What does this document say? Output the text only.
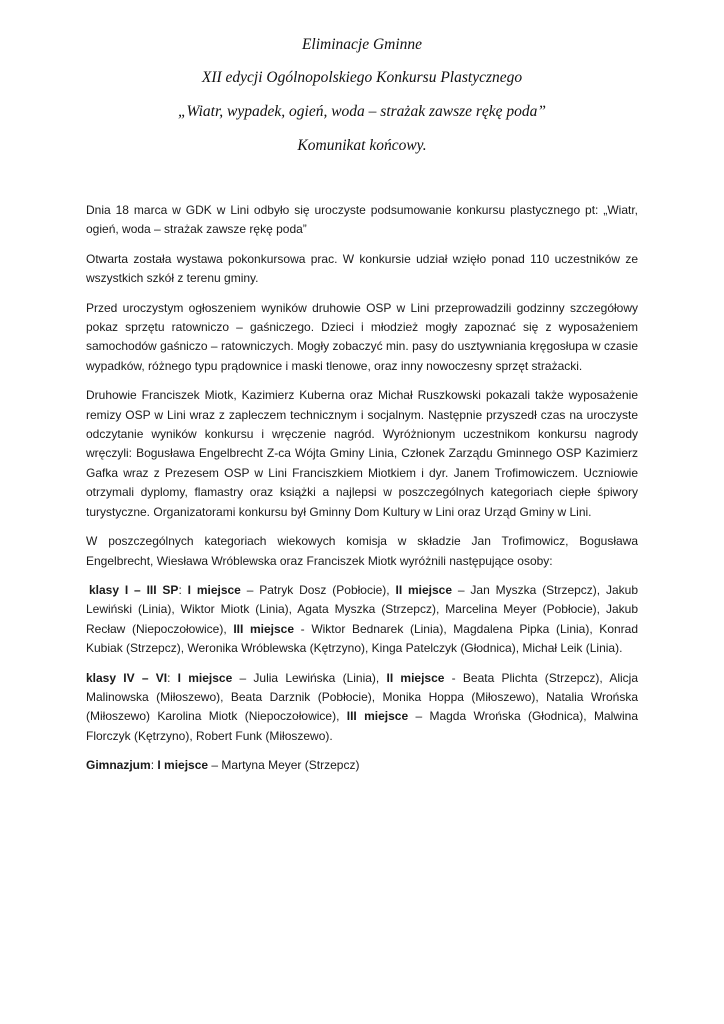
Eliminacje Gminne
XII edycji Ogólnopolskiego Konkursu Plastycznego
„Wiatr, wypadek, ogień, woda – strażak zawsze rękę poda”
Komunikat końcowy.

Dnia 18 marca w GDK w Lini odbyło się uroczyste podsumowanie konkursu plastycznego pt: „Wiatr, ogień, woda – strażak zawsze rękę poda”

Otwarta została wystawa pokonkursowa prac. W konkursie udział wzięło ponad 110 uczestników ze wszystkich szkół z terenu gminy.

Przed uroczystym ogłoszeniem wyników druhowie OSP w Lini przeprowadzili godzinny szczegółowy pokaz sprzętu ratowniczo – gaśniczego. Dzieci i młodzież mogły zapoznać się z wyposażeniem samochodów gaśniczo – ratowniczych. Mogły zobaczyć min. pasy do usztywniania kręgosłupa w czasie wypadków, różnego typu prądownice i maski tlenowe, oraz inny nowoczesny sprzęt strażacki.

Druhowie Franciszek Miotk, Kazimierz Kuberna oraz Michał Ruszkowski pokazali także wyposażenie remizy OSP w Lini wraz z zapleczem technicznym i socjalnym. Następnie przyszedł czas na uroczyste odczytanie wyników konkursu i wręczenie nagród. Wyróżnionym uczestnikom konkursu nagrody wręczyli: Bogusława Engelbrecht Z-ca Wójta Gminy Linia, Członek Zarządu Gminnego OSP Kazimierz Gafka wraz z Prezesem OSP w Lini Franciszkiem Miotkiem i dyr. Janem Trofimowiczem. Uczniowie otrzymali dyplomy, flamastry oraz książki a najlepsi w poszczególnych kategoriach ciepłe śpiwory turystyczne. Organizatorami konkursu był Gminny Dom Kultury w Lini oraz Urząd Gminy w Lini.

W poszczególnych kategoriach wiekowych komisja w składzie Jan Trofimowicz, Bogusława Engelbrecht, Wiesława Wróblewska oraz Franciszek Miotk wyróżnili następujące osoby:

klasy I – III SP: I miejsce – Patryk Dosz (Pobłocie), II miejsce – Jan Myszka (Strzepcz), Jakub Lewiński (Linia), Wiktor Miotk (Linia), Agata Myszka (Strzepcz), Marcelina Meyer (Pobłocie), Jakub Recław (Niepoczołowice), III miejsce - Wiktor Bednarek (Linia), Magdalena Pipka (Linia), Konrad Kubiak (Strzepcz), Weronika Wróblewska (Kętrzyno), Kinga Patelczyk (Głodnica), Michał Leik (Linia).

klasy IV – VI: I miejsce – Julia Lewińska (Linia), II miejsce - Beata Plichta (Strzepcz), Alicja Malinowska (Miłoszewo), Beata Darznik (Pobłocie), Monika Hoppa (Miłoszewo), Natalia Wrońska (Miłoszewo) Karolina Miotk (Niepoczołowice), III miejsce – Magda Wrońska (Głodnica), Malwina Florczyk (Kętrzyno), Robert Funk (Miłoszewo).

Gimnazjum: I miejsce – Martyna Meyer (Strzepcz)
